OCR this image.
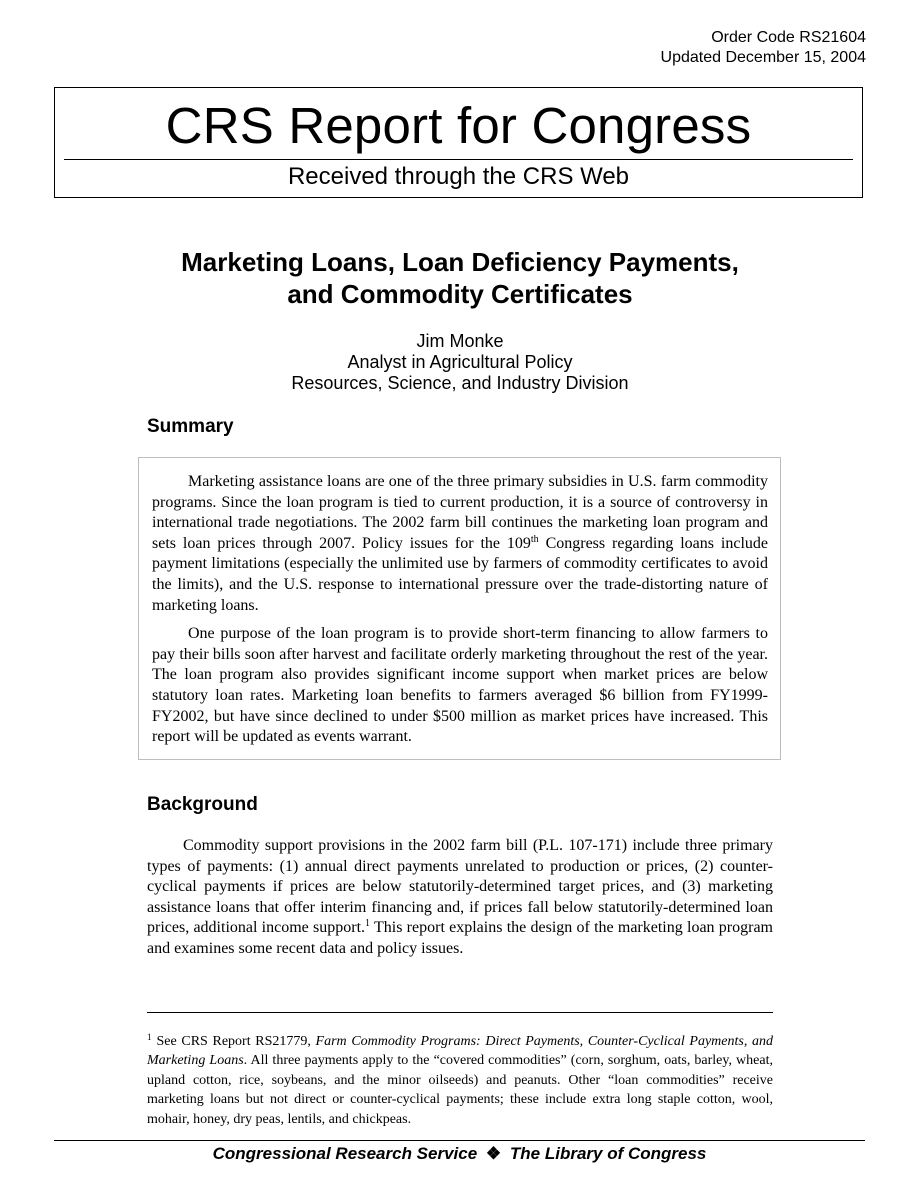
Order Code RS21604
Updated December 15, 2004
CRS Report for Congress
Received through the CRS Web
Marketing Loans, Loan Deficiency Payments,
and Commodity Certificates
Jim Monke
Analyst in Agricultural Policy
Resources, Science, and Industry Division
Summary

Marketing assistance loans are one of the three primary subsidies in U.S. farm commodity programs. Since the loan program is tied to current production, it is a source of controversy in international trade negotiations. The 2002 farm bill continues the marketing loan program and sets loan prices through 2007. Policy issues for the 109th Congress regarding loans include payment limitations (especially the unlimited use by farmers of commodity certificates to avoid the limits), and the U.S. response to international pressure over the trade-distorting nature of marketing loans.

One purpose of the loan program is to provide short-term financing to allow farmers to pay their bills soon after harvest and facilitate orderly marketing throughout the rest of the year. The loan program also provides significant income support when market prices are below statutory loan rates. Marketing loan benefits to farmers averaged $6 billion from FY1999-FY2002, but have since declined to under $500 million as market prices have increased. This report will be updated as events warrant.

Background

Commodity support provisions in the 2002 farm bill (P.L. 107-171) include three primary types of payments: (1) annual direct payments unrelated to production or prices, (2) counter-cyclical payments if prices are below statutorily-determined target prices, and (3) marketing assistance loans that offer interim financing and, if prices fall below statutorily-determined loan prices, additional income support.$^1$ This report explains the design of the marketing loan program and examines some recent data and policy issues.

$^1$ See CRS Report RS21779, Farm Commodity Programs: Direct Payments, Counter-Cyclical Payments, and Marketing Loans. All three payments apply to the “covered commodities” (corn, sorghum, oats, barley, wheat, upland cotton, rice, soybeans, and the minor oilseeds) and peanuts. Other “loan commodities” receive marketing loans but not direct or counter-cyclical payments; these include extra long staple cotton, wool, mohair, honey, dry peas, lentils, and chickpeas.

Congressional Research Service ❖ The Library of Congress
